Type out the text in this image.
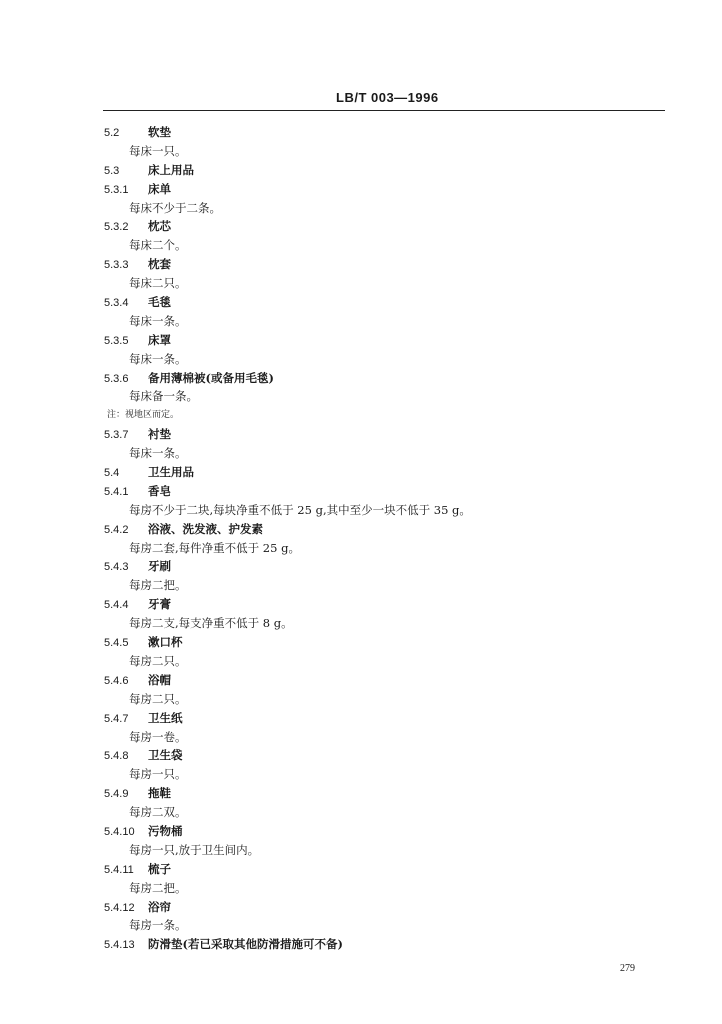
LB/T 003—1996
5.2 软垫
每床一只。
5.3 床上用品
5.3.1 床单
每床不少于二条。
5.3.2 枕芯
每床二个。
5.3.3 枕套
每床二只。
5.3.4 毛毯
每床一条。
5.3.5 床罩
每床一条。
5.3.6 备用薄棉被(或备用毛毯)
每床备一条。
注：视地区而定。
5.3.7 衬垫
每床一条。
5.4 卫生用品
5.4.1 香皂
每房不少于二块,每块净重不低于 25 g,其中至少一块不低于 35 g。
5.4.2 浴液、洗发液、护发素
每房二套,每件净重不低于 25 g。
5.4.3 牙刷
每房二把。
5.4.4 牙膏
每房二支,每支净重不低于 8 g。
5.4.5 漱口杯
每房二只。
5.4.6 浴帽
每房二只。
5.4.7 卫生纸
每房一卷。
5.4.8 卫生袋
每房一只。
5.4.9 拖鞋
每房二双。
5.4.10 污物桶
每房一只,放于卫生间内。
5.4.11 梳子
每房二把。
5.4.12 浴帘
每房一条。
5.4.13 防滑垫(若已采取其他防滑措施可不备)
279
